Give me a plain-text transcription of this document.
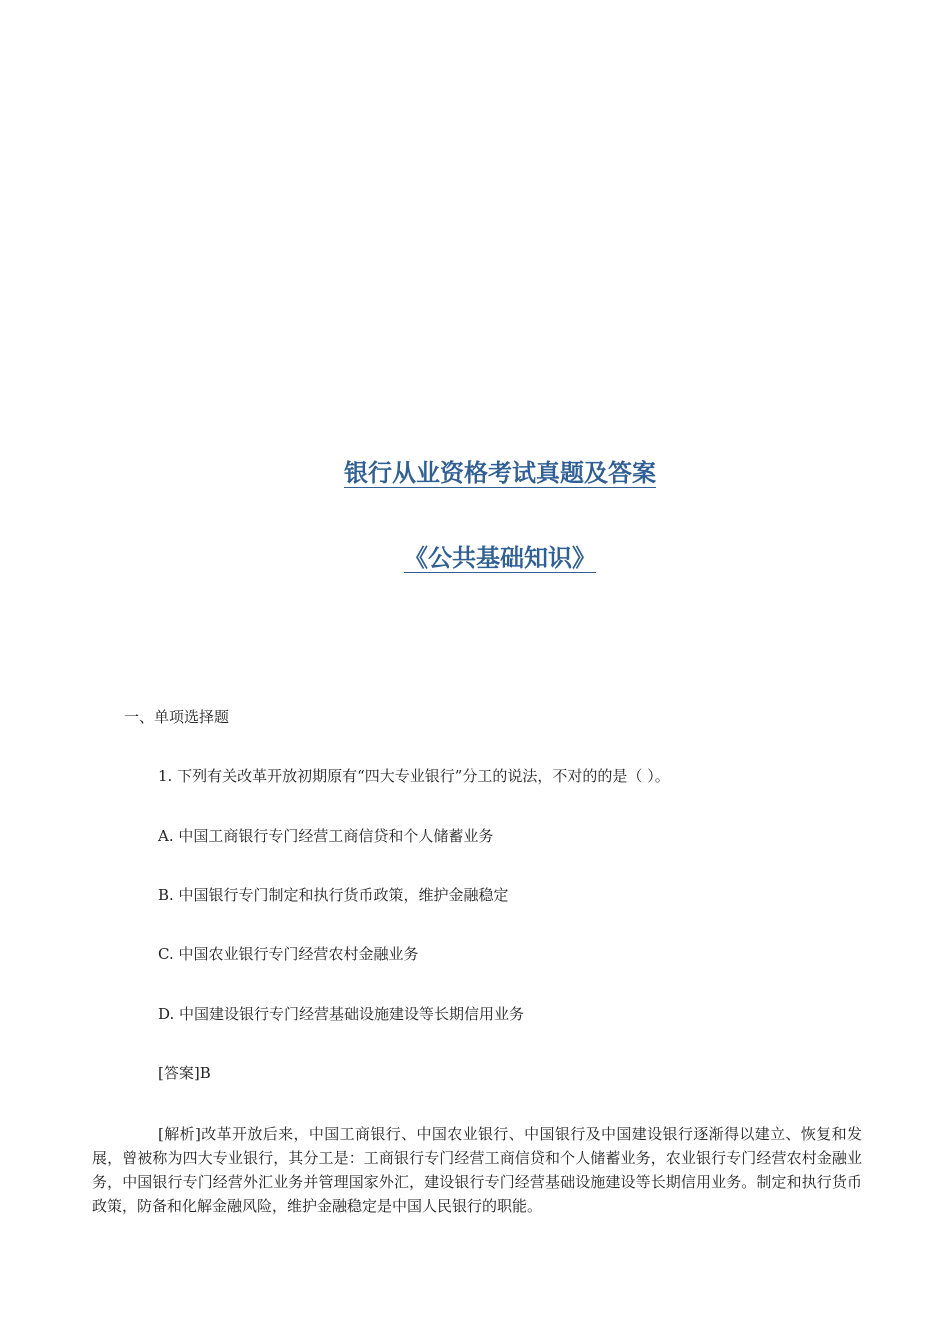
银行从业资格考试真题及答案
《公共基础知识》
一、单项选择题
1. 下列有关改革开放初期原有“四大专业银行”分工的说法，不对的的是（ ）。
A. 中国工商银行专门经营工商信贷和个人储蓄业务
B. 中国银行专门制定和执行货币政策，维护金融稳定
C. 中国农业银行专门经营农村金融业务
D. 中国建设银行专门经营基础设施建设等长期信用业务
[答案]B
[解析]改革开放后来，中国工商银行、中国农业银行、中国银行及中国建设银行逐渐得以建立、恢复和发展，曾被称为四大专业银行，其分工是：工商银行专门经营工商信贷和个人储蓄业务，农业银行专门经营农村金融业务，中国银行专门经营外汇业务并管理国家外汇，建设银行专门经营基础设施建设等长期信用业务。制定和执行货币政策，防备和化解金融风险，维护金融稳定是中国人民银行的职能。
